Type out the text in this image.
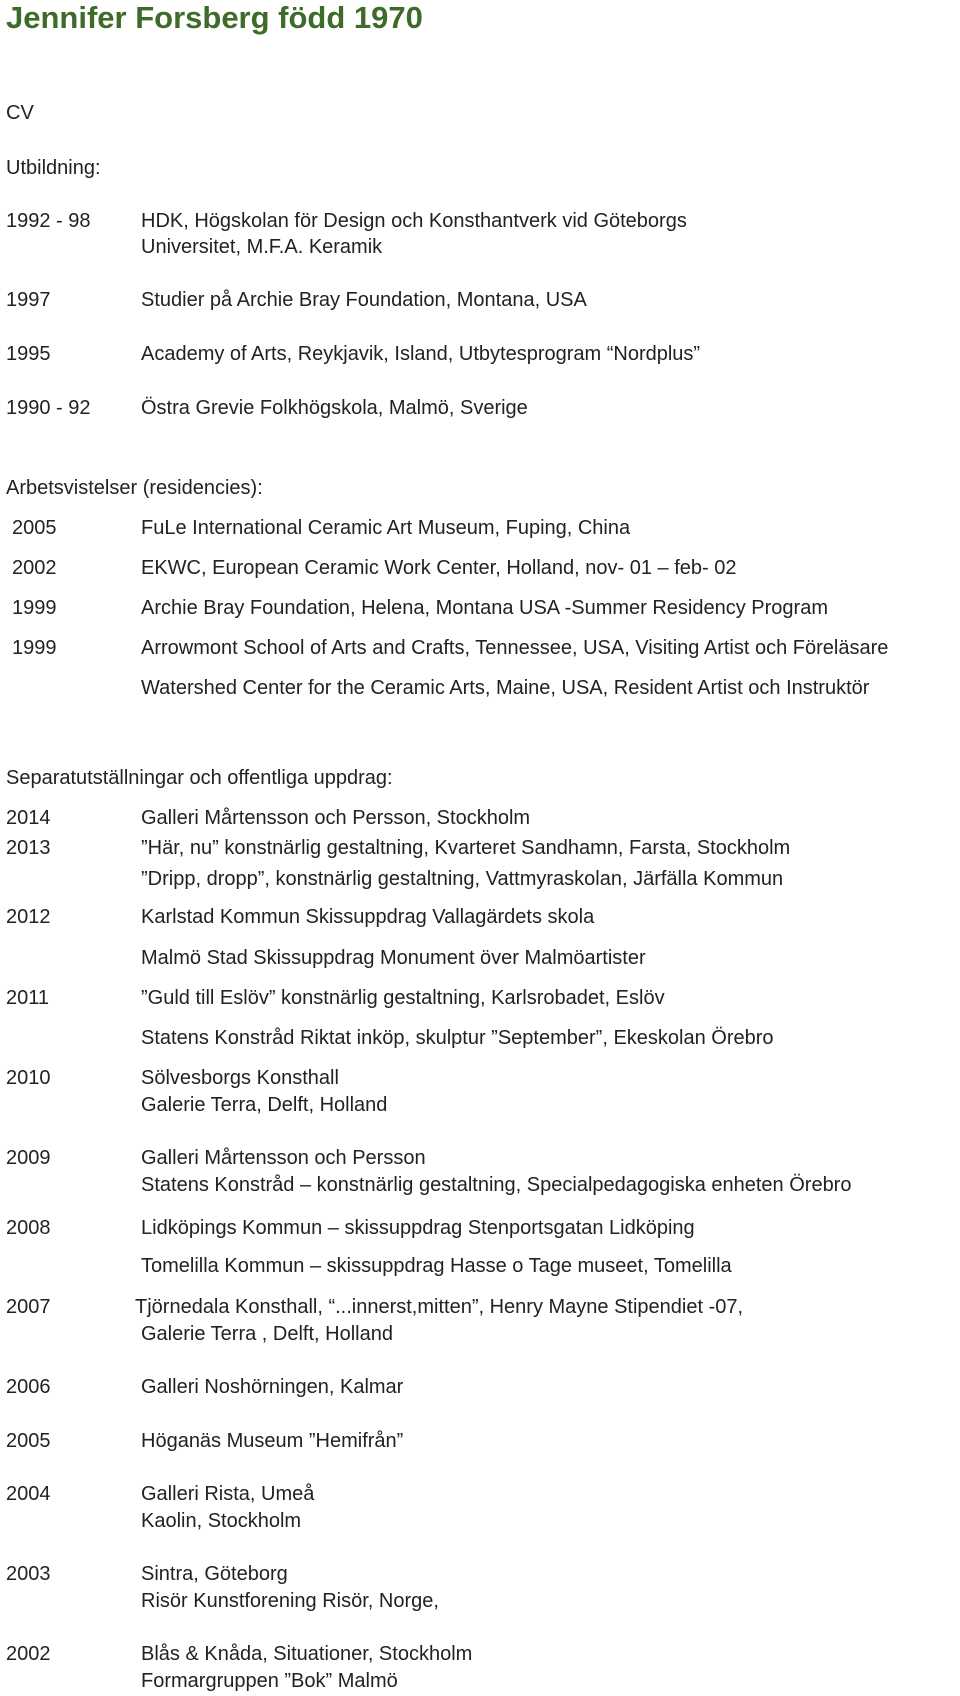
Jennifer Forsberg född 1970
CV
Utbildning:
1992 - 98	HDK, Högskolan för Design och Konsthantverk vid Göteborgs
Universitet, M.F.A. Keramik
1997	Studier på Archie Bray Foundation, Montana, USA
1995	Academy of Arts, Reykjavik, Island, Utbytesprogram “Nordplus”
1990 - 92	Östra Grevie Folkhögskola, Malmö, Sverige
Arbetsvistelser (residencies):
2005	FuLe International Ceramic Art Museum, Fuping, China
2002	EKWC, European Ceramic Work Center, Holland, nov- 01 – feb- 02
1999	Archie Bray Foundation, Helena, Montana USA -Summer Residency Program
1999	Arrowmont School of Arts and Crafts, Tennessee, USA, Visiting Artist och Föreläsare
Watershed Center for the Ceramic Arts, Maine, USA, Resident Artist och Instruktör
Separatutställningar och offentliga uppdrag:
2014	Galleri Mårtensson och Persson, Stockholm
2013	”Här, nu” konstnärlig gestaltning, Kvarteret Sandhamn, Farsta, Stockholm
”Dripp, dropp”, konstnärlig gestaltning, Vattmyraskolan, Järfälla Kommun
2012	Karlstad Kommun Skissuppdrag Vallagärdets skola
Malmö Stad Skissuppdrag Monument över Malmöartister
2011	”Guld till Eslöv” konstnärlig gestaltning, Karlsrobadet, Eslöv
Statens Konstråd Riktat inköp, skulptur ”September”, Ekeskolan Örebro
2010	Sölvesborgs Konsthall
Galerie Terra, Delft, Holland
2009	Galleri Mårtensson och Persson
Statens Konstråd – konstnärlig gestaltning, Specialpedagogiska enheten Örebro
2008	Lidköpings Kommun – skissuppdrag Stenportsgatan Lidköping
Tomelilla Kommun – skissuppdrag Hasse o Tage museet, Tomelilla
2007	Tjörnedala Konsthall, “...innerst,mitten”, Henry Mayne Stipendiet -07,
Galerie Terra , Delft, Holland
2006	Galleri Noshörningen, Kalmar
2005	Höganäs Museum ”Hemifrån”
2004	Galleri Rista, Umeå
Kaolin, Stockholm
2003	Sintra, Göteborg
Risör Kunstforening Risör, Norge,
2002	Blås & Knåda, Situationer, Stockholm
Formargruppen ”Bok” Malmö
